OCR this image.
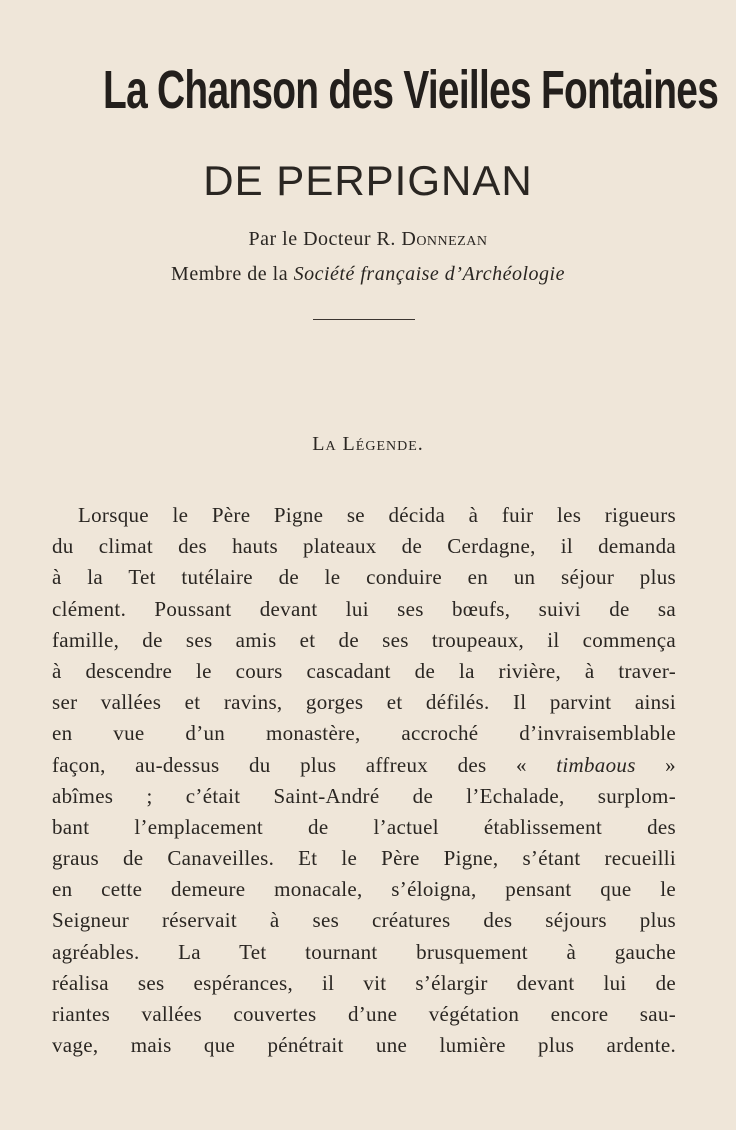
La Chanson des Vieilles Fontaines
DE PERPIGNAN
Par le Docteur R. Donnezan
Membre de la Société française d’Archéologie
La Légende.
Lorsque le Père Pigne se décida à fuir les rigueurs
du climat des hauts plateaux de Cerdagne, il demanda
à la Tet tutélaire de le conduire en un séjour plus
clément. Poussant devant lui ses bœufs, suivi de sa
famille, de ses amis et de ses troupeaux, il commença
à descendre le cours cascadant de la rivière, à traver-
ser vallées et ravins, gorges et défilés. Il parvint ainsi
en vue d’un monastère, accroché d’invraisemblable
façon, au-dessus du plus affreux des « timbaous »
abîmes ; c’était Saint-André de l’Echalade, surplom-
bant l’emplacement de l’actuel établissement des
graus de Canaveilles. Et le Père Pigne, s’étant recueilli
en cette demeure monacale, s’éloigna, pensant que le
Seigneur réservait à ses créatures des séjours plus
agréables. La Tet tournant brusquement à gauche
réalisa ses espérances, il vit s’élargir devant lui de
riantes vallées couvertes d’une végétation encore sau-
vage, mais que pénétrait une lumière plus ardente.
